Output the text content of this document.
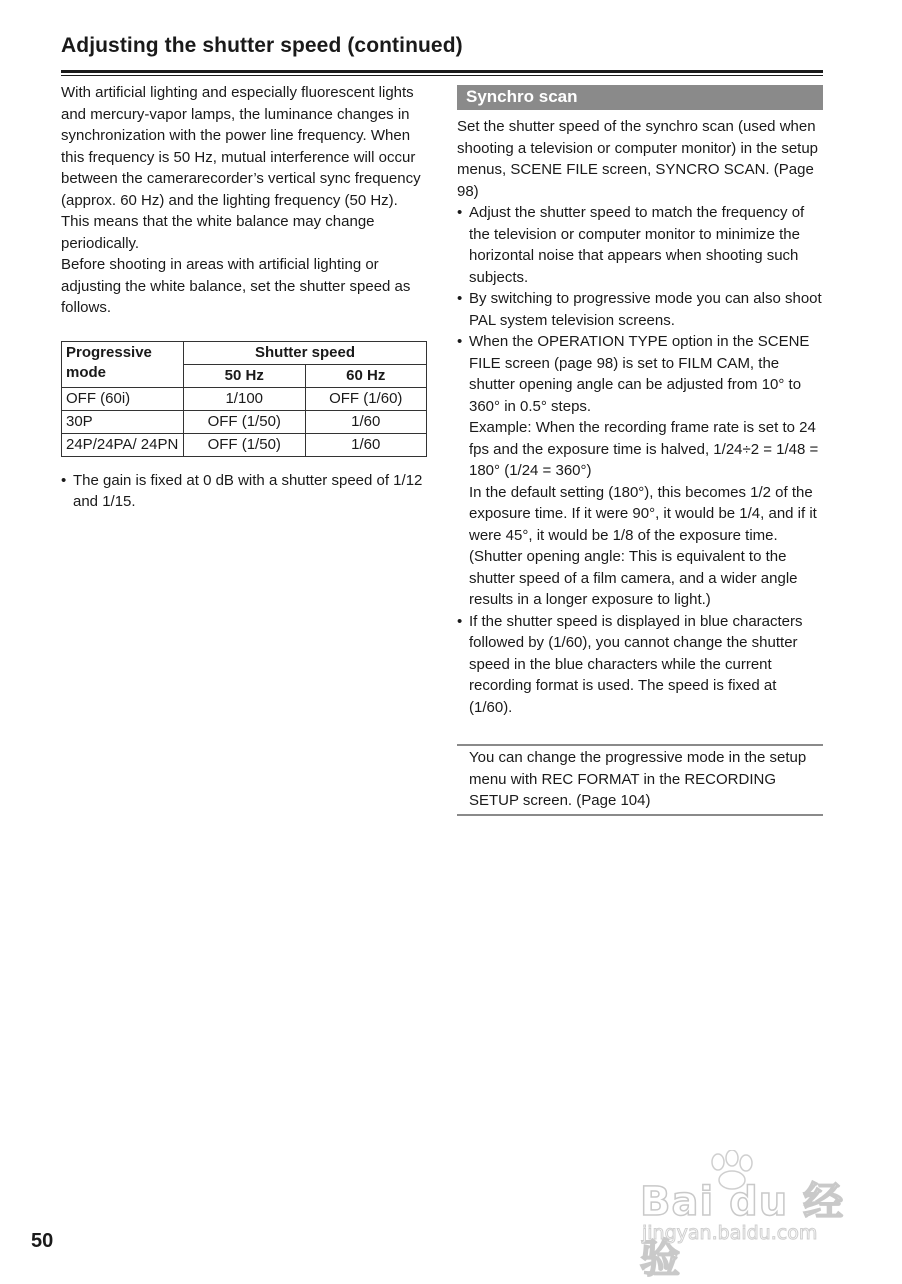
Adjusting the shutter speed (continued)

With artificial lighting and especially fluorescent lights and mercury-vapor lamps, the luminance changes in synchronization with the power line frequency. When this frequency is 50 Hz, mutual interference will occur between the camerarecorder’s vertical sync frequency (approx. 60 Hz) and the lighting frequency (50 Hz). This means that the white balance may change periodically.

Before shooting in areas with artificial lighting or adjusting the white balance, set the shutter speed as follows.

Progressive mode	Shutter speed	
	50 Hz	60 Hz
OFF (60i)	1/100	OFF (1/60)
30P	OFF (1/50)	1/60
24P/24PA/ 24PN	OFF (1/50)	1/60
• The gain is fixed at 0 dB with a shutter speed of 1/12 and 1/15.
Synchro scan

Set the shutter speed of the synchro scan (used when shooting a television or computer monitor) in the setup menus, SCENE FILE screen, SYNCRO SCAN. (Page 98)

• Adjust the shutter speed to match the frequency of the television or computer monitor to minimize the horizontal noise that appears when shooting such subjects.
• By switching to progressive mode you can also shoot PAL system television screens.
• When the OPERATION TYPE option in the SCENE FILE screen (page 98) is set to FILM CAM, the shutter opening angle can be adjusted from 10° to 360° in 0.5° steps.
Example: When the recording frame rate is set to 24 fps and the exposure time is halved, 1/24÷2 = 1/48 = 180° (1/24 = 360°)
In the default setting (180°), this becomes 1/2 of the exposure time. If it were 90°, it would be 1/4, and if it were 45°, it would be 1/8 of the exposure time.
(Shutter opening angle: This is equivalent to the shutter speed of a film camera, and a wider angle results in a longer exposure to light.)
• If the shutter speed is displayed in blue characters followed by (1/60), you cannot change the shutter speed in the blue characters while the current recording format is used. The speed is fixed at (1/60).
You can change the progressive mode in the setup menu with REC FORMAT in the RECORDING SETUP screen. (Page 104)
50
Bai du 经验
jingyan.baidu.com
